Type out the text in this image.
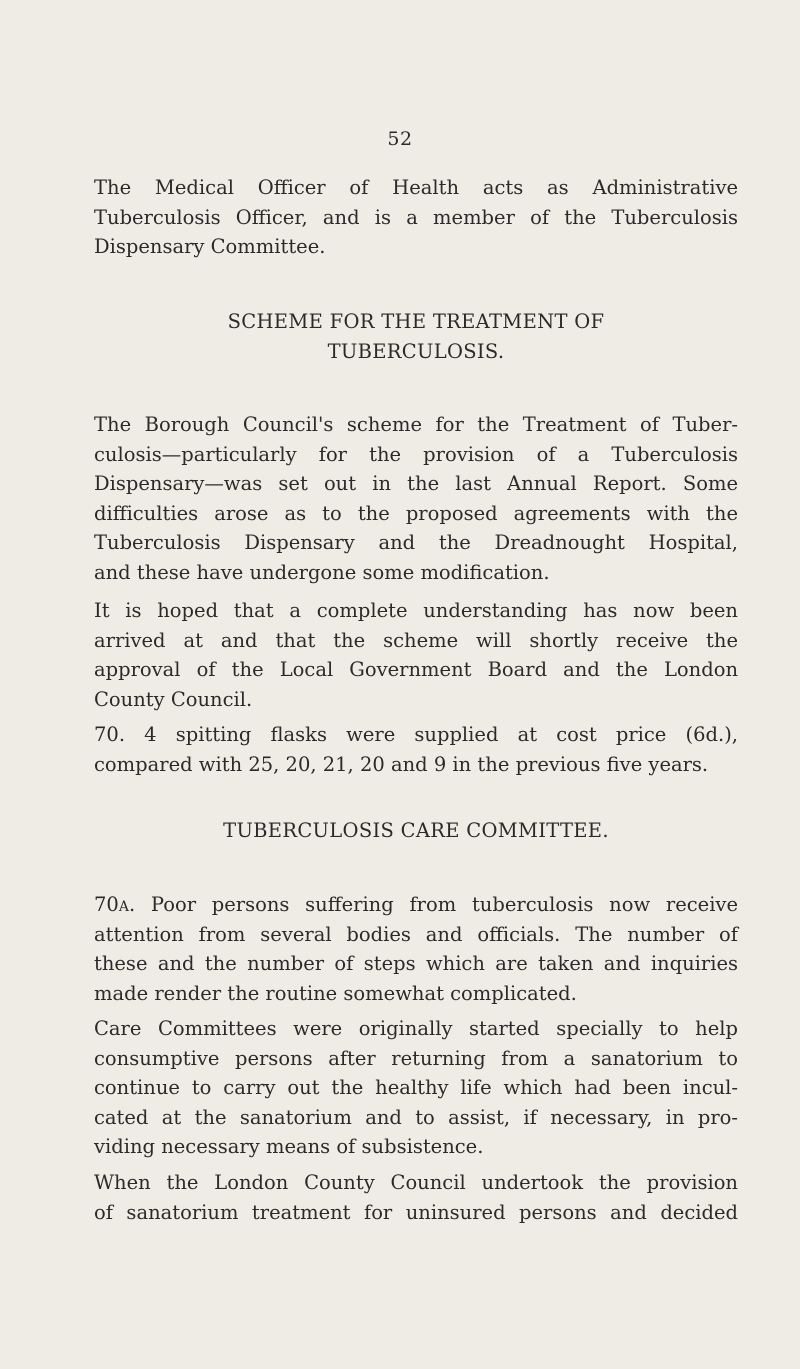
52

The Medical Officer of Health acts as Administrative
Tuberculosis Officer, and is a member of the Tuberculosis
Dispensary Committee.

SCHEME FOR THE TREATMENT OF
TUBERCULOSIS.

The Borough Council's scheme for the Treatment of Tuber-
culosis—particularly for the provision of a Tuberculosis
Dispensary—was set out in the last Annual Report. Some
difficulties arose as to the proposed agreements with the
Tuberculosis Dispensary and the Dreadnought Hospital,
and these have undergone some modification.

It is hoped that a complete understanding has now been
arrived at and that the scheme will shortly receive the
approval of the Local Government Board and the London
County Council.

70. 4 spitting flasks were supplied at cost price (6d.),
compared with 25, 20, 21, 20 and 9 in the previous five years.

TUBERCULOSIS CARE COMMITTEE.

70a. Poor persons suffering from tuberculosis now receive
attention from several bodies and officials. The number of
these and the number of steps which are taken and inquiries
made render the routine somewhat complicated.

Care Committees were originally started specially to help
consumptive persons after returning from a sanatorium to
continue to carry out the healthy life which had been incul-
cated at the sanatorium and to assist, if necessary, in pro-
viding necessary means of subsistence.

When the London County Council undertook the provision
of sanatorium treatment for uninsured persons and decided
